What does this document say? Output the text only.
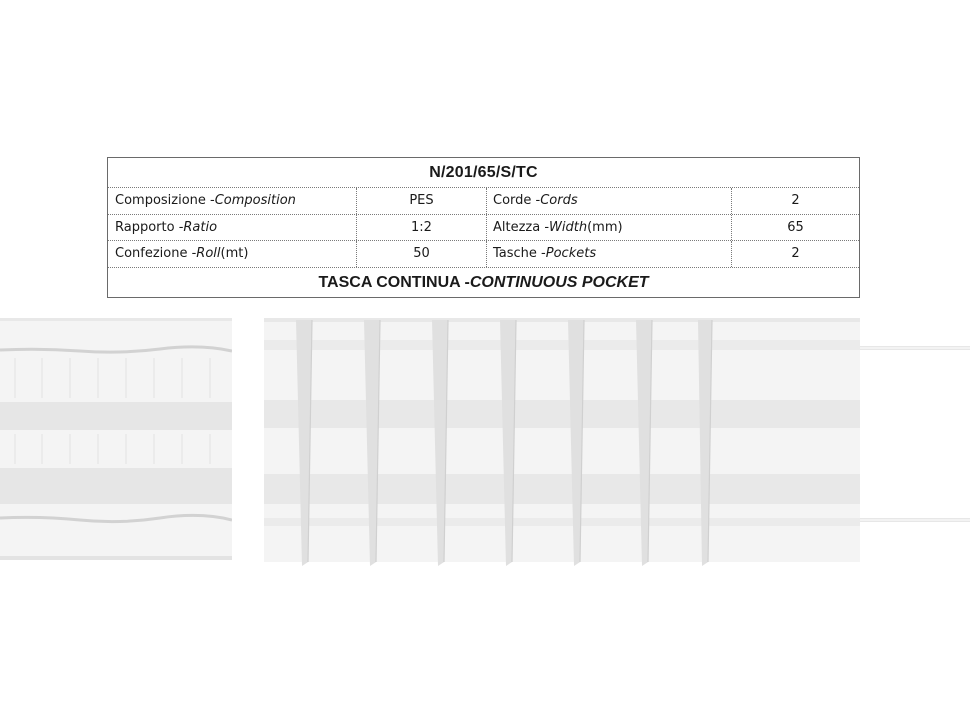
N/201/65/S/TC
Composizione - Composition	PES	Corde - Cords	2
Rapporto - Ratio	1:2	Altezza - Width (mm)	65
Confezione - Roll (mt)	50	Tasche - Pockets	2
TASCA CONTINUA - CONTINUOUS POCKET
